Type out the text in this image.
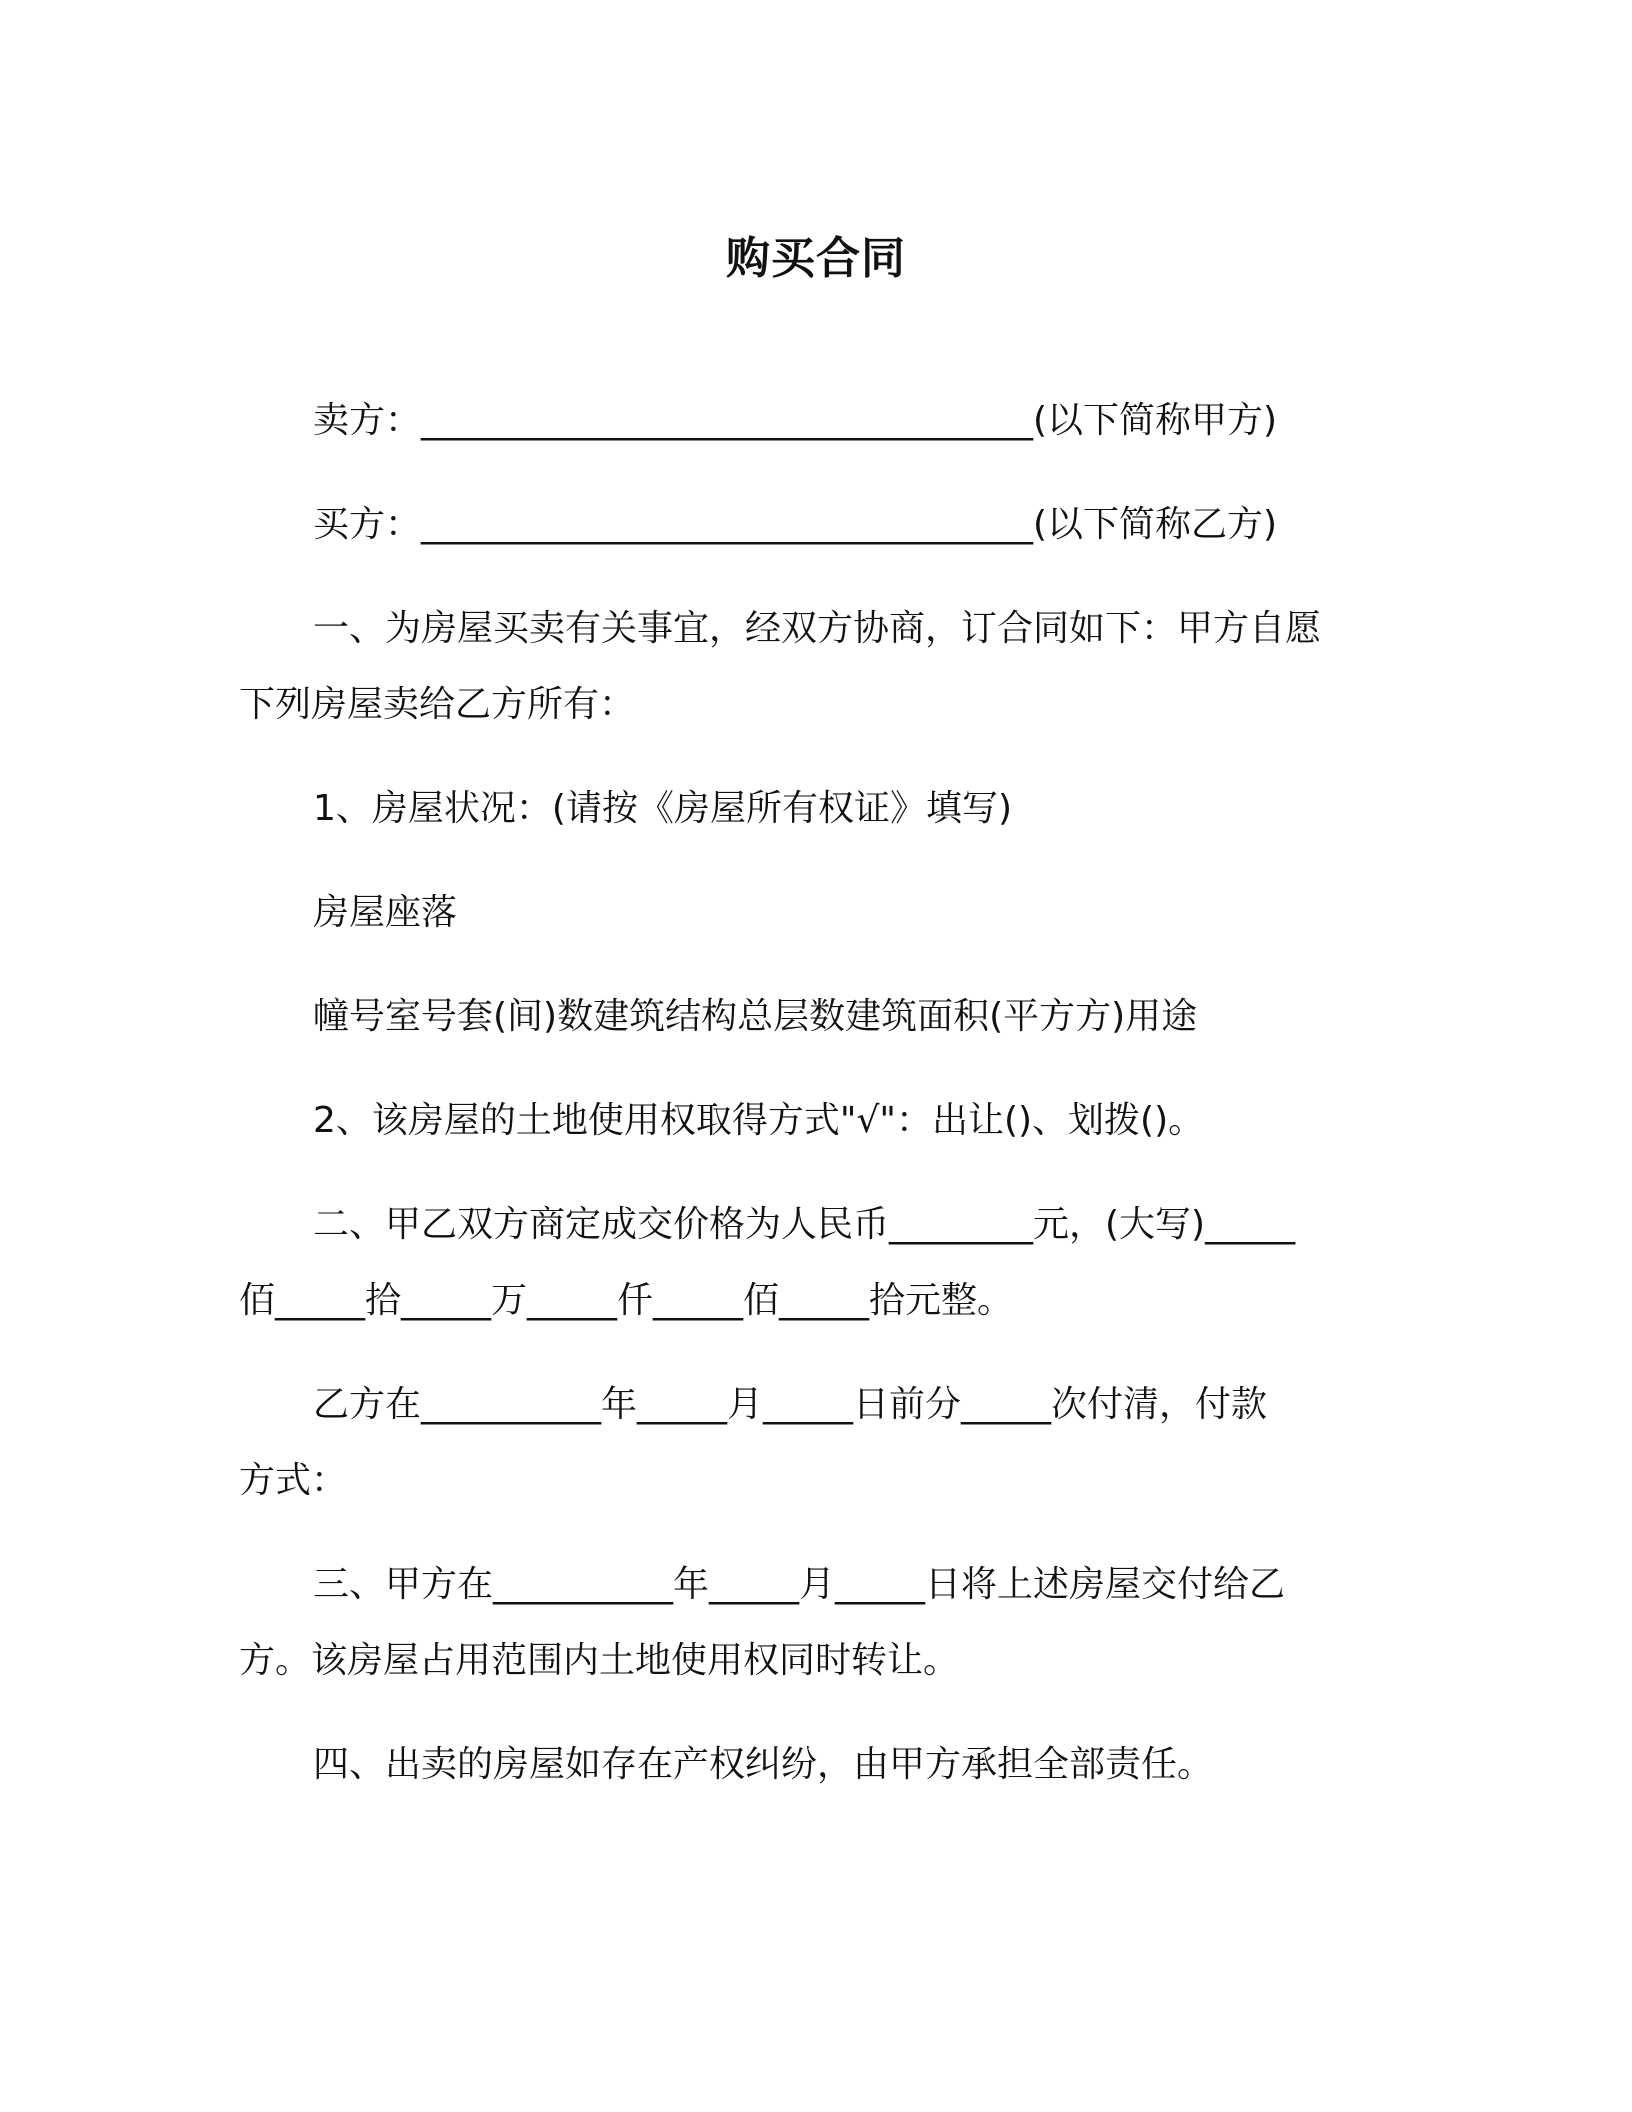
购买合同
卖方：__________________________________(以下简称甲方)
买方：__________________________________(以下简称乙方)
一、为房屋买卖有关事宜，经双方协商，订合同如下：甲方自愿
下列房屋卖给乙方所有：
1、房屋状况：(请按《房屋所有权证》填写)
房屋座落
幢号室号套(间)数建筑结构总层数建筑面积(平方方)用途
2、该房屋的土地使用权取得方式"√"：出让()、划拨()。
二、甲乙双方商定成交价格为人民币________元，(大写)_____
佰_____拾_____万_____仟_____佰_____拾元整。
乙方在__________年_____月_____日前分_____次付清，付款
方式：
三、甲方在__________年_____月_____日将上述房屋交付给乙
方。该房屋占用范围内土地使用权同时转让。
四、出卖的房屋如存在产权纠纷，由甲方承担全部责任。
